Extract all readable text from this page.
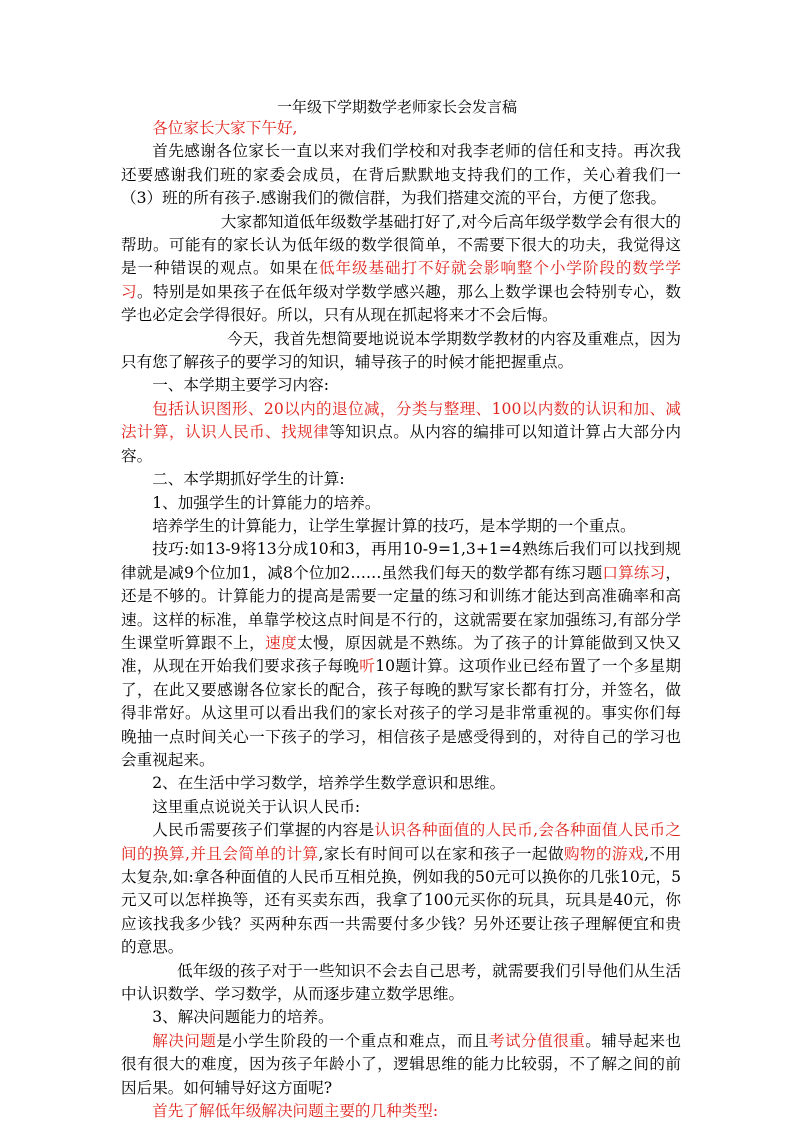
一年级下学期数学老师家长会发言稿

各位家长大家下午好,

首先感谢各位家长一直以来对我们学校和对我李老师的信任和支持。再次我还要感谢我们班的家委会成员，在背后默默地支持我们的工作，关心着我们一（3）班的所有孩子.感谢我们的微信群，为我们搭建交流的平台，方便了您我。

大家都知道低年级数学基础打好了,对今后高年级学数学会有很大的帮助。可能有的家长认为低年级的数学很简单，不需要下很大的功夫，我觉得这是一种错误的观点。如果在低年级基础打不好就会影响整个小学阶段的数学学习。特别是如果孩子在低年级对学数学感兴趣，那么上数学课也会特别专心，数学也必定会学得很好。所以，只有从现在抓起将来才不会后悔。

今天，我首先想简要地说说本学期数学教材的内容及重难点，因为只有您了解孩子的要学习的知识，辅导孩子的时候才能把握重点。

一、本学期主要学习内容:

包括认识图形、20以内的退位减，分类与整理、100以内数的认识和加、减法计算，认识人民币、找规律等知识点。从内容的编排可以知道计算占大部分内容。

二、本学期抓好学生的计算:

1、加强学生的计算能力的培养。

培养学生的计算能力，让学生掌握计算的技巧，是本学期的一个重点。

技巧:如13-9将13分成10和3，再用10-9=1,3+1=4熟练后我们可以找到规律就是减9个位加1，减8个位加2……虽然我们每天的数学都有练习题口算练习，还是不够的。计算能力的提高是需要一定量的练习和训练才能达到高准确率和高速。这样的标准，单靠学校这点时间是不行的，这就需要在家加强练习,有部分学生课堂听算跟不上，速度太慢，原因就是不熟练。为了孩子的计算能做到又快又准，从现在开始我们要求孩子每晚听10题计算。这项作业已经布置了一个多星期了，在此又要感谢各位家长的配合，孩子每晚的默写家长都有打分，并签名，做得非常好。从这里可以看出我们的家长对孩子的学习是非常重视的。事实你们每晚抽一点时间关心一下孩子的学习，相信孩子是感受得到的，对待自己的学习也会重视起来。

2、在生活中学习数学，培养学生数学意识和思维。

这里重点说说关于认识人民币:

人民币需要孩子们掌握的内容是认识各种面值的人民币,会各种面值人民币之间的换算,并且会简单的计算,家长有时间可以在家和孩子一起做购物的游戏,不用太复杂,如:拿各种面值的人民币互相兑换，例如我的50元可以换你的几张10元，5元又可以怎样换等，还有买卖东西，我拿了100元买你的玩具，玩具是40元，你应该找我多少钱？买两种东西一共需要付多少钱？另外还要让孩子理解便宜和贵的意思。

低年级的孩子对于一些知识不会去自己思考，就需要我们引导他们从生活中认识数学、学习数学，从而逐步建立数学思维。

3、解决问题能力的培养。

解决问题是小学生阶段的一个重点和难点，而且考试分值很重。辅导起来也很有很大的难度，因为孩子年龄小了，逻辑思维的能力比较弱，不了解之间的前因后果。如何辅导好这方面呢?

首先了解低年级解决问题主要的几种类型:
